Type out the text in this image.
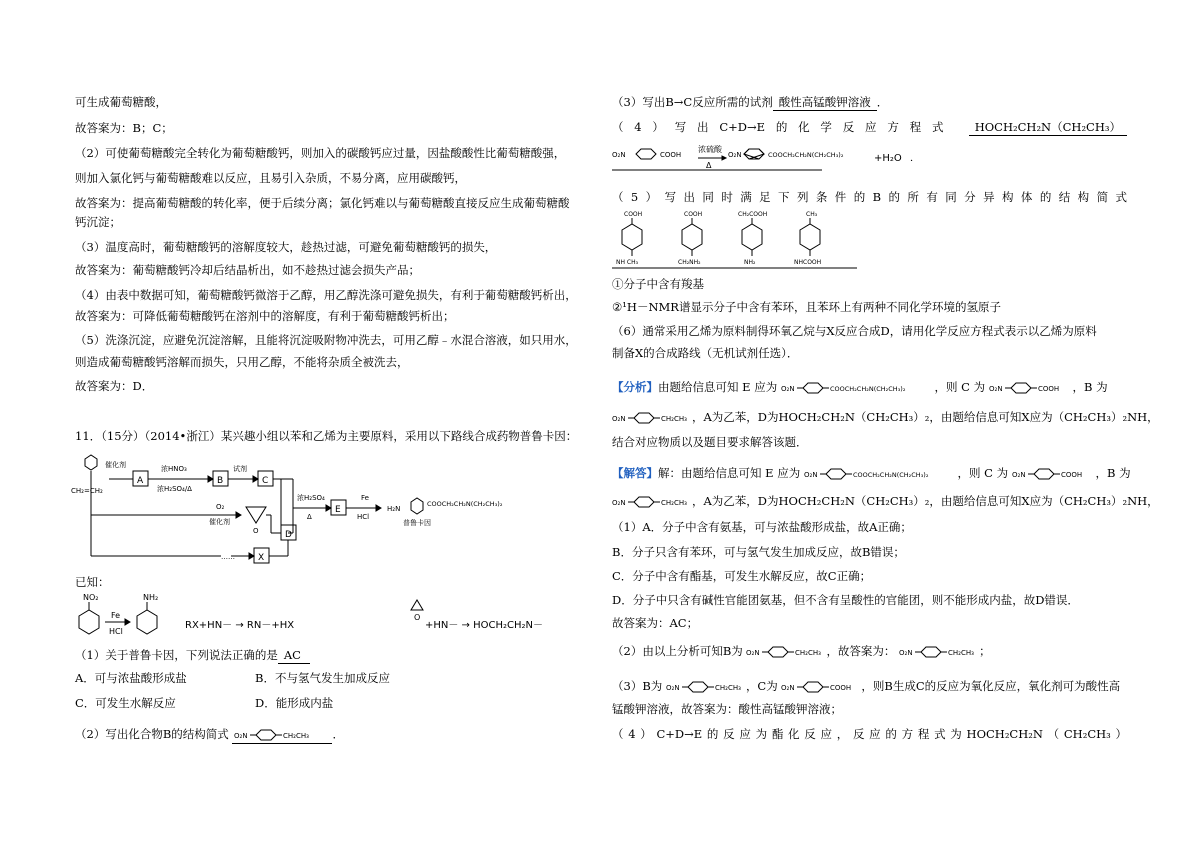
可生成葡萄糖酸，
故答案为：B；C；
（2）可使葡萄糖酸完全转化为葡萄糖酸钙，则加入的碳酸钙应过量，因盐酸酸性比葡萄糖酸强，
则加入氯化钙与葡萄糖酸难以反应，且易引入杂质，不易分离，应用碳酸钙，
故答案为：提高葡萄糖酸的转化率，便于后续分离；氯化钙难以与葡萄糖酸直接反应生成葡萄糖酸
钙沉淀；
（3）温度高时，葡萄糖酸钙的溶解度较大，趁热过滤，可避免葡萄糖酸钙的损失，
故答案为：葡萄糖酸钙冷却后结晶析出，如不趁热过滤会损失产品；
（4）由表中数据可知，葡萄糖酸钙微溶于乙醇，用乙醇洗涤可避免损失，有利于葡萄糖酸钙析出，
故答案为：可降低葡萄糖酸钙在溶剂中的溶解度，有利于葡萄糖酸钙析出；
（5）洗涤沉淀，应避免沉淀溶解，且能将沉淀吸附物冲洗去，可用乙醇﹣水混合溶液，如只用水，
则造成葡萄糖酸钙溶解而损失，只用乙醇，不能将杂质全被洗去，
故答案为：D．
11．（15分）（2014•浙江）某兴趣小组以苯和乙烯为主要原料，采用以下路线合成药物普鲁卡因：
CH₂=CH₂
催化剂
A
浓HNO₃
浓H₂SO₄/Δ
B
试剂
C
O₂
催化剂
O
……	X
D
浓H₂SO₄
Δ
E
Fe
HCl
H₂N
COOCH₂CH₂N(CH₂CH₃)₂
普鲁卡因
已知：
NO₂
Fe
HCl
NH₂
RX+HN－ → RN－+HX
O
+HN－ → HOCH₂CH₂N－
（1）关于普鲁卡因，下列说法正确的是 AC
A．可与浓盐酸形成盐	B．不与氢气发生加成反应
C．可发生水解反应	D．能形成内盐
（2）写出化合物B的结构简式 O₂N	CH₂CH₃ ．
（3）写出B→C反应所需的试剂 酸性高锰酸钾溶液 ．
（4）写出C+D→E的化学反应方程式 HOCH₂CH₂N（CH₂CH₃）
O₂N	COOH
浓硫酸
Δ
O₂N	COOCH₂CH₂N(CH₂CH₃)₂	+H₂O ．
（5）写出同时满足下列条件的B的所有同分异构体的结构简式
COOH	COOH	CH₂COOH	CH₃
NH CH₃	CH₂NH₂	NH₂	NHCOOH
①分子中含有羧基
②¹H－NMR谱显示分子中含有苯环，且苯环上有两种不同化学环境的氢原子
（6）通常采用乙烯为原料制得环氧乙烷与X反应合成D，请用化学反应方程式表示以乙烯为原料
制备X的合成路线（无机试剂任选）．
【分析】由题给信息可知 E 应为 O₂N	COOCH₂CH₂N(CH₂CH₃)₂	，则 C 为 O₂N	COOH ，B 为
O₂N	CH₂CH₃ ，A为乙苯，D为HOCH₂CH₂N（CH₂CH₃）₂，由题给信息可知X应为（CH₂CH₃）₂NH，
结合对应物质以及题目要求解答该题．
【解答】解：由题给信息可知 E 应为 O₂N	COOCH₂CH₂N(CH₂CH₃)₂	，则 C 为 O₂N	COOH ，B 为
O₂N	CH₂CH₃ ，A为乙苯，D为HOCH₂CH₂N（CH₂CH₃）₂，由题给信息可知X应为（CH₂CH₃）₂NH，
（1）A．分子中含有氨基，可与浓盐酸形成盐，故A正确；
B．分子只含有苯环，可与氢气发生加成反应，故B错误；
C．分子中含有酯基，可发生水解反应，故C正确；
D．分子中只含有碱性官能团氨基，但不含有呈酸性的官能团，则不能形成内盐，故D错误．
故答案为：AC；
（2）由以上分析可知B为 O₂N	CH₂CH₃ ，故答案为： O₂N	CH₂CH₃ ；
（3）B为 O₂N	CH₂CH₃ ，C为 O₂N	COOH ，则B生成C的反应为氧化反应，氧化剂可为酸性高
锰酸钾溶液，故答案为：酸性高锰酸钾溶液；
（4）C+D→E的反应为酯化反应，反应的方程式为HOCH₂CH₂N（CH₂CH₃）
